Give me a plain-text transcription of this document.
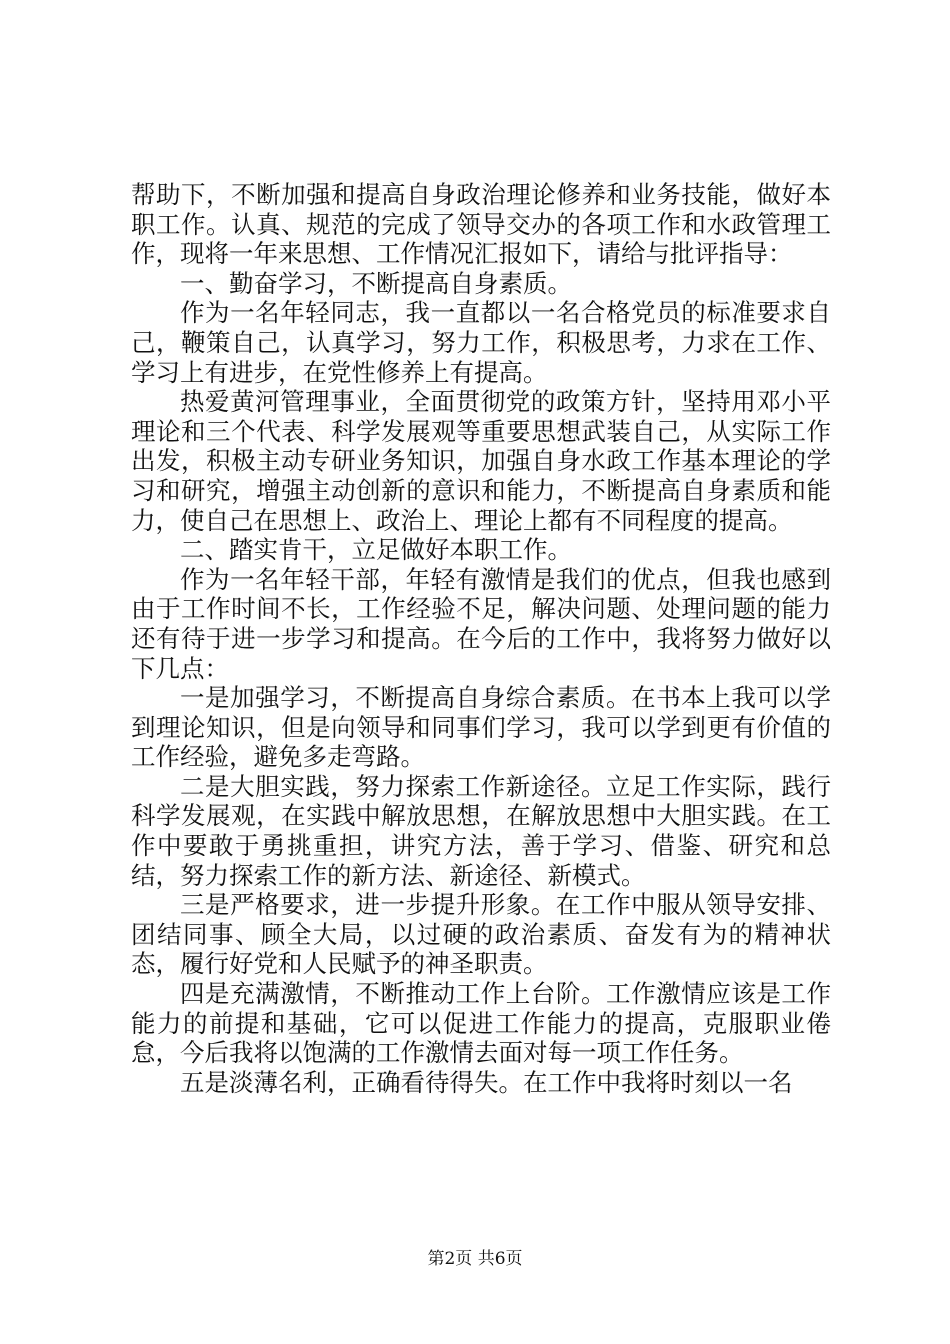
帮助下，不断加强和提高自身政治理论修养和业务技能，做好本职工作。认真、规范的完成了领导交办的各项工作和水政管理工作，现将一年来思想、工作情况汇报如下，请给与批评指导：

一、勤奋学习，不断提高自身素质。

作为一名年轻同志，我一直都以一名合格党员的标准要求自己，鞭策自己，认真学习，努力工作，积极思考，力求在工作、学习上有进步，在党性修养上有提高。

热爱黄河管理事业，全面贯彻党的政策方针，坚持用邓小平理论和三个代表、科学发展观等重要思想武装自己，从实际工作出发，积极主动专研业务知识，加强自身水政工作基本理论的学习和研究，增强主动创新的意识和能力，不断提高自身素质和能力，使自己在思想上、政治上、理论上都有不同程度的提高。

二、踏实肯干，立足做好本职工作。

作为一名年轻干部，年轻有激情是我们的优点，但我也感到由于工作时间不长，工作经验不足，解决问题、处理问题的能力还有待于进一步学习和提高。在今后的工作中，我将努力做好以下几点：

一是加强学习，不断提高自身综合素质。在书本上我可以学到理论知识，但是向领导和同事们学习，我可以学到更有价值的工作经验，避免多走弯路。

二是大胆实践，努力探索工作新途径。立足工作实际，践行科学发展观，在实践中解放思想，在解放思想中大胆实践。在工作中要敢于勇挑重担，讲究方法，善于学习、借鉴、研究和总结，努力探索工作的新方法、新途径、新模式。

三是严格要求，进一步提升形象。在工作中服从领导安排、团结同事、顾全大局，以过硬的政治素质、奋发有为的精神状态，履行好党和人民赋予的神圣职责。

四是充满激情，不断推动工作上台阶。工作激情应该是工作能力的前提和基础，它可以促进工作能力的提高，克服职业倦怠，今后我将以饱满的工作激情去面对每一项工作任务。

五是淡薄名利，正确看待得失。在工作中我将时刻以一名

第2页 共6页
